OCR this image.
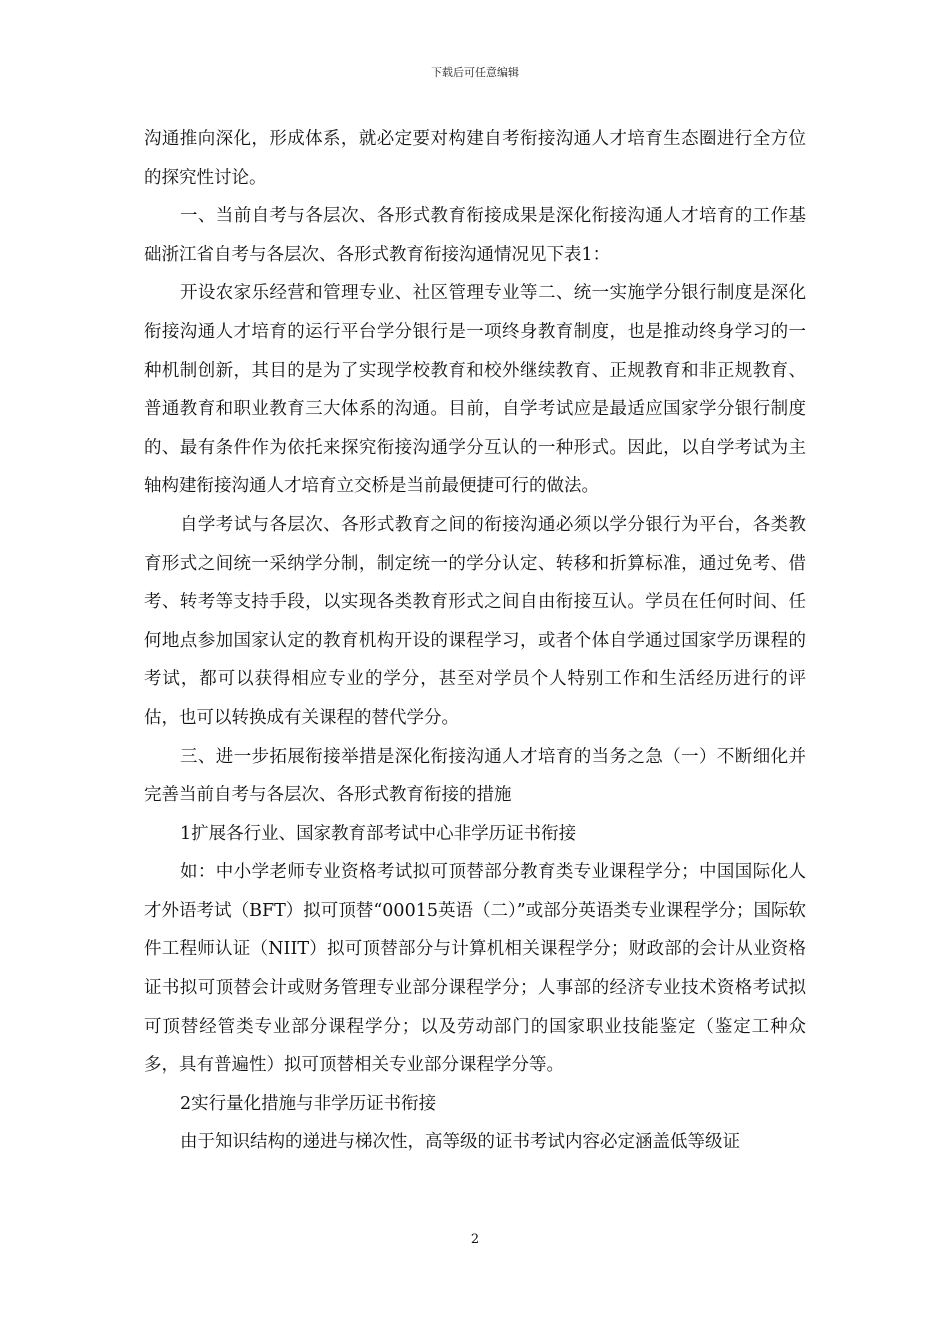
下载后可任意编辑

沟通推向深化，形成体系，就必定要对构建自考衔接沟通人才培育生态圈进行全方位的探究性讨论。

一、当前自考与各层次、各形式教育衔接成果是深化衔接沟通人才培育的工作基础浙江省自考与各层次、各形式教育衔接沟通情况见下表1：

开设农家乐经营和管理专业、社区管理专业等二、统一实施学分银行制度是深化衔接沟通人才培育的运行平台学分银行是一项终身教育制度，也是推动终身学习的一种机制创新，其目的是为了实现学校教育和校外继续教育、正规教育和非正规教育、普通教育和职业教育三大体系的沟通。目前，自学考试应是最适应国家学分银行制度的、最有条件作为依托来探究衔接沟通学分互认的一种形式。因此，以自学考试为主轴构建衔接沟通人才培育立交桥是当前最便捷可行的做法。

自学考试与各层次、各形式教育之间的衔接沟通必须以学分银行为平台，各类教育形式之间统一采纳学分制，制定统一的学分认定、转移和折算标准，通过免考、借考、转考等支持手段，以实现各类教育形式之间自由衔接互认。学员在任何时间、任何地点参加国家认定的教育机构开设的课程学习，或者个体自学通过国家学历课程的考试，都可以获得相应专业的学分，甚至对学员个人特别工作和生活经历进行的评估，也可以转换成有关课程的替代学分。

三、进一步拓展衔接举措是深化衔接沟通人才培育的当务之急（一）不断细化并完善当前自考与各层次、各形式教育衔接的措施

1扩展各行业、国家教育部考试中心非学历证书衔接

如：中小学老师专业资格考试拟可顶替部分教育类专业课程学分；中国国际化人才外语考试（BFT）拟可顶替“00015英语（二）”或部分英语类专业课程学分；国际软件工程师认证（NIIT）拟可顶替部分与计算机相关课程学分；财政部的会计从业资格证书拟可顶替会计或财务管理专业部分课程学分；人事部的经济专业技术资格考试拟可顶替经管类专业部分课程学分；以及劳动部门的国家职业技能鉴定（鉴定工种众多，具有普遍性）拟可顶替相关专业部分课程学分等。

2实行量化措施与非学历证书衔接

由于知识结构的递进与梯次性，高等级的证书考试内容必定涵盖低等级证

2
